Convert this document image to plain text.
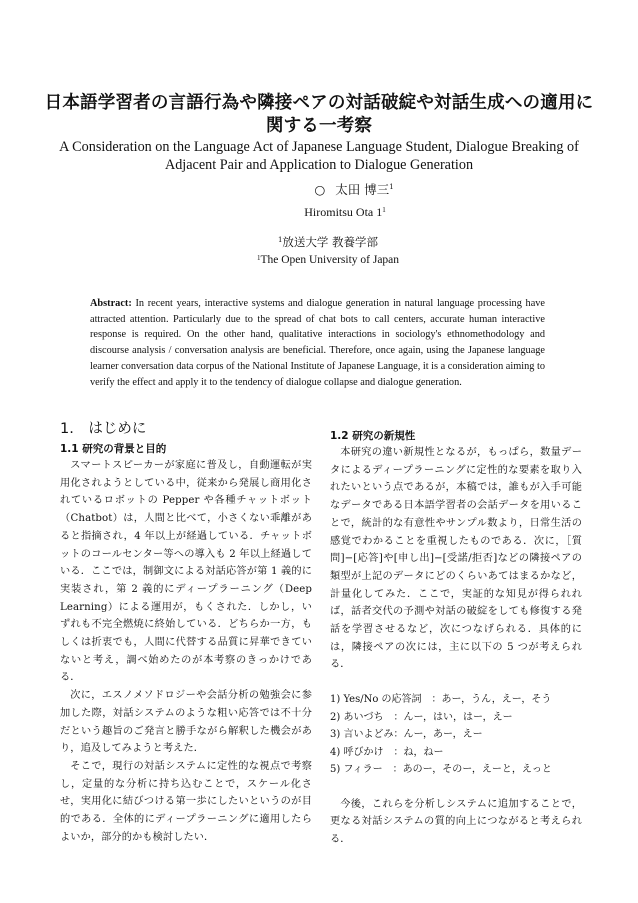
日本語学習者の言語行為や隣接ペアの対話破綻や対話生成への適用に関する一考察
A Consideration on the Language Act of Japanese Language Student, Dialogue Breaking of Adjacent Pair and Application to Dialogue Generation
○ 太田 博三$^1$
Hiromitsu Ota $1^1$
$^1$放送大学 教養学部
$^1$The Open University of Japan
Abstract: In recent years, interactive systems and dialogue generation in natural language processing have attracted attention. Particularly due to the spread of chat bots to call centers, accurate human interactive response is required. On the other hand, qualitative interactions in sociology's ethnomethodology and discourse analysis / conversation analysis are beneficial. Therefore, once again, using the Japanese language learner conversation data corpus of the National Institute of Japanese Language, it is a consideration aiming to verify the effect and apply it to the tendency of dialogue collapse and dialogue generation.
1.　はじめに
1.1 研究の背景と目的

スマートスピーカーが家庭に普及し，自動運転が実用化されようとしている中，従来から発展し商用化されているロボットの Pepper や各種チャットボット（Chatbot）は，人間と比べて，小さくない乖離があると指摘され，4 年以上が経過している．チャットボットのコールセンター等への導入も 2 年以上経過している．ここでは，制御文による対話応答が第 1 義的に実装され，第 2 義的にディープラーニング（Deep Learning）による運用が，もくされた．しかし，いずれも不完全燃焼に終始している．どちらか一方，もしくは折衷でも，人間に代替する品質に昇華できていないと考え，調べ始めたのが本考察のきっかけである．

次に，エスノメソドロジーや会話分析の勉強会に参加した際，対話システムのような粗い応答では不十分だという趣旨のご発言と勝手ながら解釈した機会があり，追及してみようと考えた．

そこで，現行の対話システムに定性的な視点で考察し，定量的な分析に持ち込むことで，スケール化させ，実用化に結びつける第一歩にしたいというのが目的である．全体的にディープラーニングに適用したらよいか，部分的かも検討したい．

1.2 研究の新規性

本研究の違い新規性となるが，もっぱら，数量データによるディープラーニングに定性的な要素を取り入れたいという点であるが，本稿では，誰もが入手可能なデータである日本語学習者の会話データを用いることで，統計的な有意性やサンプル数より，日常生活の感覚でわかることを重視したものである．次に，［質問]−[応答]や[申し出]−[受諾/拒否]などの隣接ペアの類型が上記のデータにどのくらいあてはまるかなど，計量化してみた．ここで，実証的な知見が得られれば，話者交代の予測や対話の破綻をしても修復する発話を学習させるなど，次につなげられる．具体的には，隣接ペアの次には，主に以下の 5 つが考えられる．

1) Yes/No の応答詞　：あー，うん，えー，そう
2) あいづち　：んー，はい，はー，えー
3) 言いよどみ：んー，あー，えー
4) 呼びかけ　：ね，ねー
5) フィラー　：あのー，そのー，えーと，えっと

今後，これらを分析しシステムに追加することで，更なる対話システムの質的向上につながると考えられる．
